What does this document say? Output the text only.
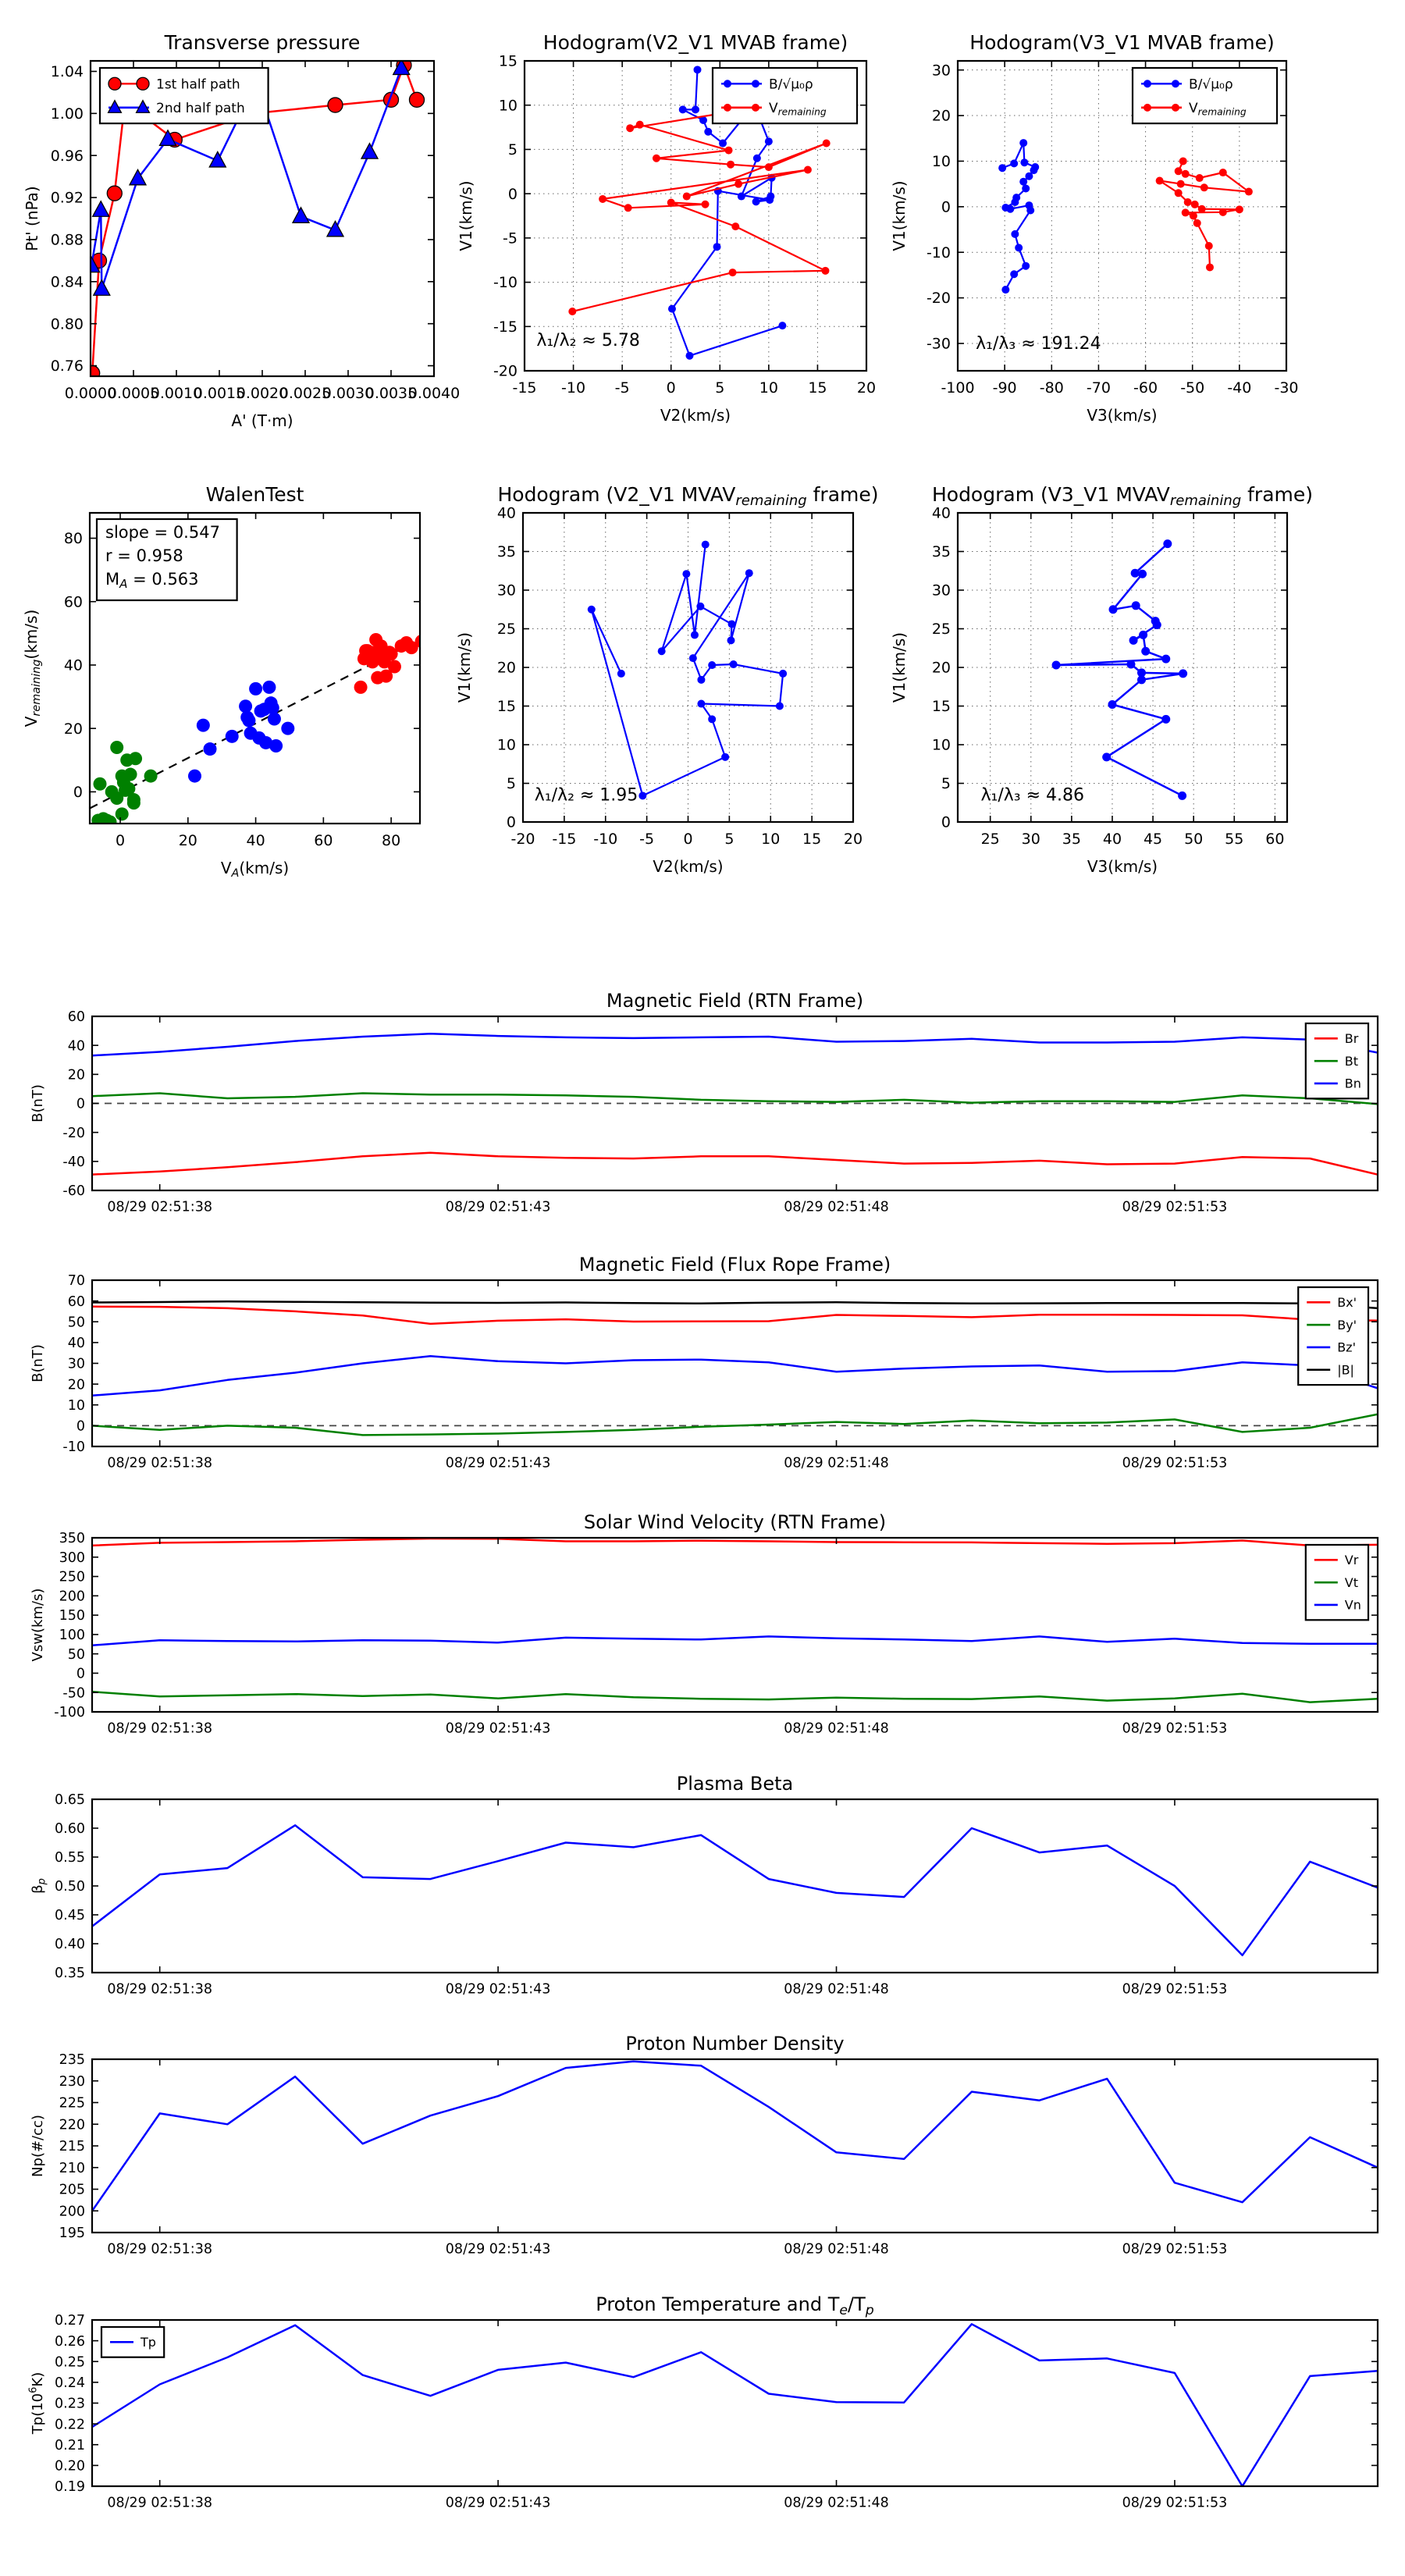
0.0000
0.0005
0.0010
0.0015
0.0020
0.0025
0.0030
0.0035
0.0040
0.76
0.80
0.84
0.88
0.92
0.96
1.00
1.04
Transverse pressure
A' (T·m)
Pt' (nPa)
1st half path
2nd half path
-15 -10 -5 0	5 10 15 20
-20
-15
-10
-5
0
5
10
15
Hodogram(V2_V1 MVAB frame)
V2(km/s)
V1(km/s)
λ₁/λ₂ ≈ 5.78
B/√μ₀ρ
$V_{remaining}$
-100 -90 -80 -70 -60 -50 -40 -30
-30
-20
-10
0
10
20
30
Hodogram(V3_V1 MVAB frame)
V3(km/s)
V1(km/s)
λ₁/λ₃ ≈ 191.24
B/√μ₀ρ
$V_{remaining}$
0	20	40	60	80
0
20
40
60
80
WalenTest
$V_A(km/s)$
$V_{remaining}(km/s)$
slope = 0.547
r = 0.958
$M_A = 0.563$
-20 -15 -10 -5 0 5 10 15 20
0
5
10
15
20
25
30
35
40
Hodogram (V2_V1 $MVAV_{remaining}$ frame)
V2(km/s)
V1(km/s)
λ₁/λ₂ ≈ 1.95
25 30 35 40 45 50 55 60
0
5
10
15
20
25
30
35
40
Hodogram (V3_V1 $MVAV_{remaining}$ frame)
V3(km/s)
V1(km/s)
λ₁/λ₃ ≈ 4.86
08/29 02:51:38	08/29 02:51:43	08/29 02:51:48	08/29 02:51:53
-60
-40
-20
0
20
40
60
Magnetic Field (RTN Frame)
B(nT)
Br
Bt
Bn
08/29 02:51:38	08/29 02:51:43	08/29 02:51:48	08/29 02:51:53
-10
0
10
20
30
40
50
60
70
Magnetic Field (Flux Rope Frame)
B(nT)
Bx'
By'
Bz'
|B|
08/29 02:51:38	08/29 02:51:43	08/29 02:51:48	08/29 02:51:53
-100
-50
0
50
100
150
200
250
300
350
Solar Wind Velocity (RTN Frame)
Vsw(km/s)
Vr
Vt
Vn
08/29 02:51:38	08/29 02:51:43	08/29 02:51:48	08/29 02:51:53
0.35
0.40
0.45
0.50
0.55
0.60
0.65
Plasma Beta
$\beta_p$
08/29 02:51:38	08/29 02:51:43	08/29 02:51:48	08/29 02:51:53
195
200
205
210
215
220
225
230
235
Proton Number Density
Np(#/cc)
08/29 02:51:38	08/29 02:51:43	08/29 02:51:48	08/29 02:51:53
0.19
0.20
0.21
0.22
0.23
0.24
0.25
0.26
0.27
Proton Temperature and $T_e/T_p$
$Tp(10^6K)$
Tp
